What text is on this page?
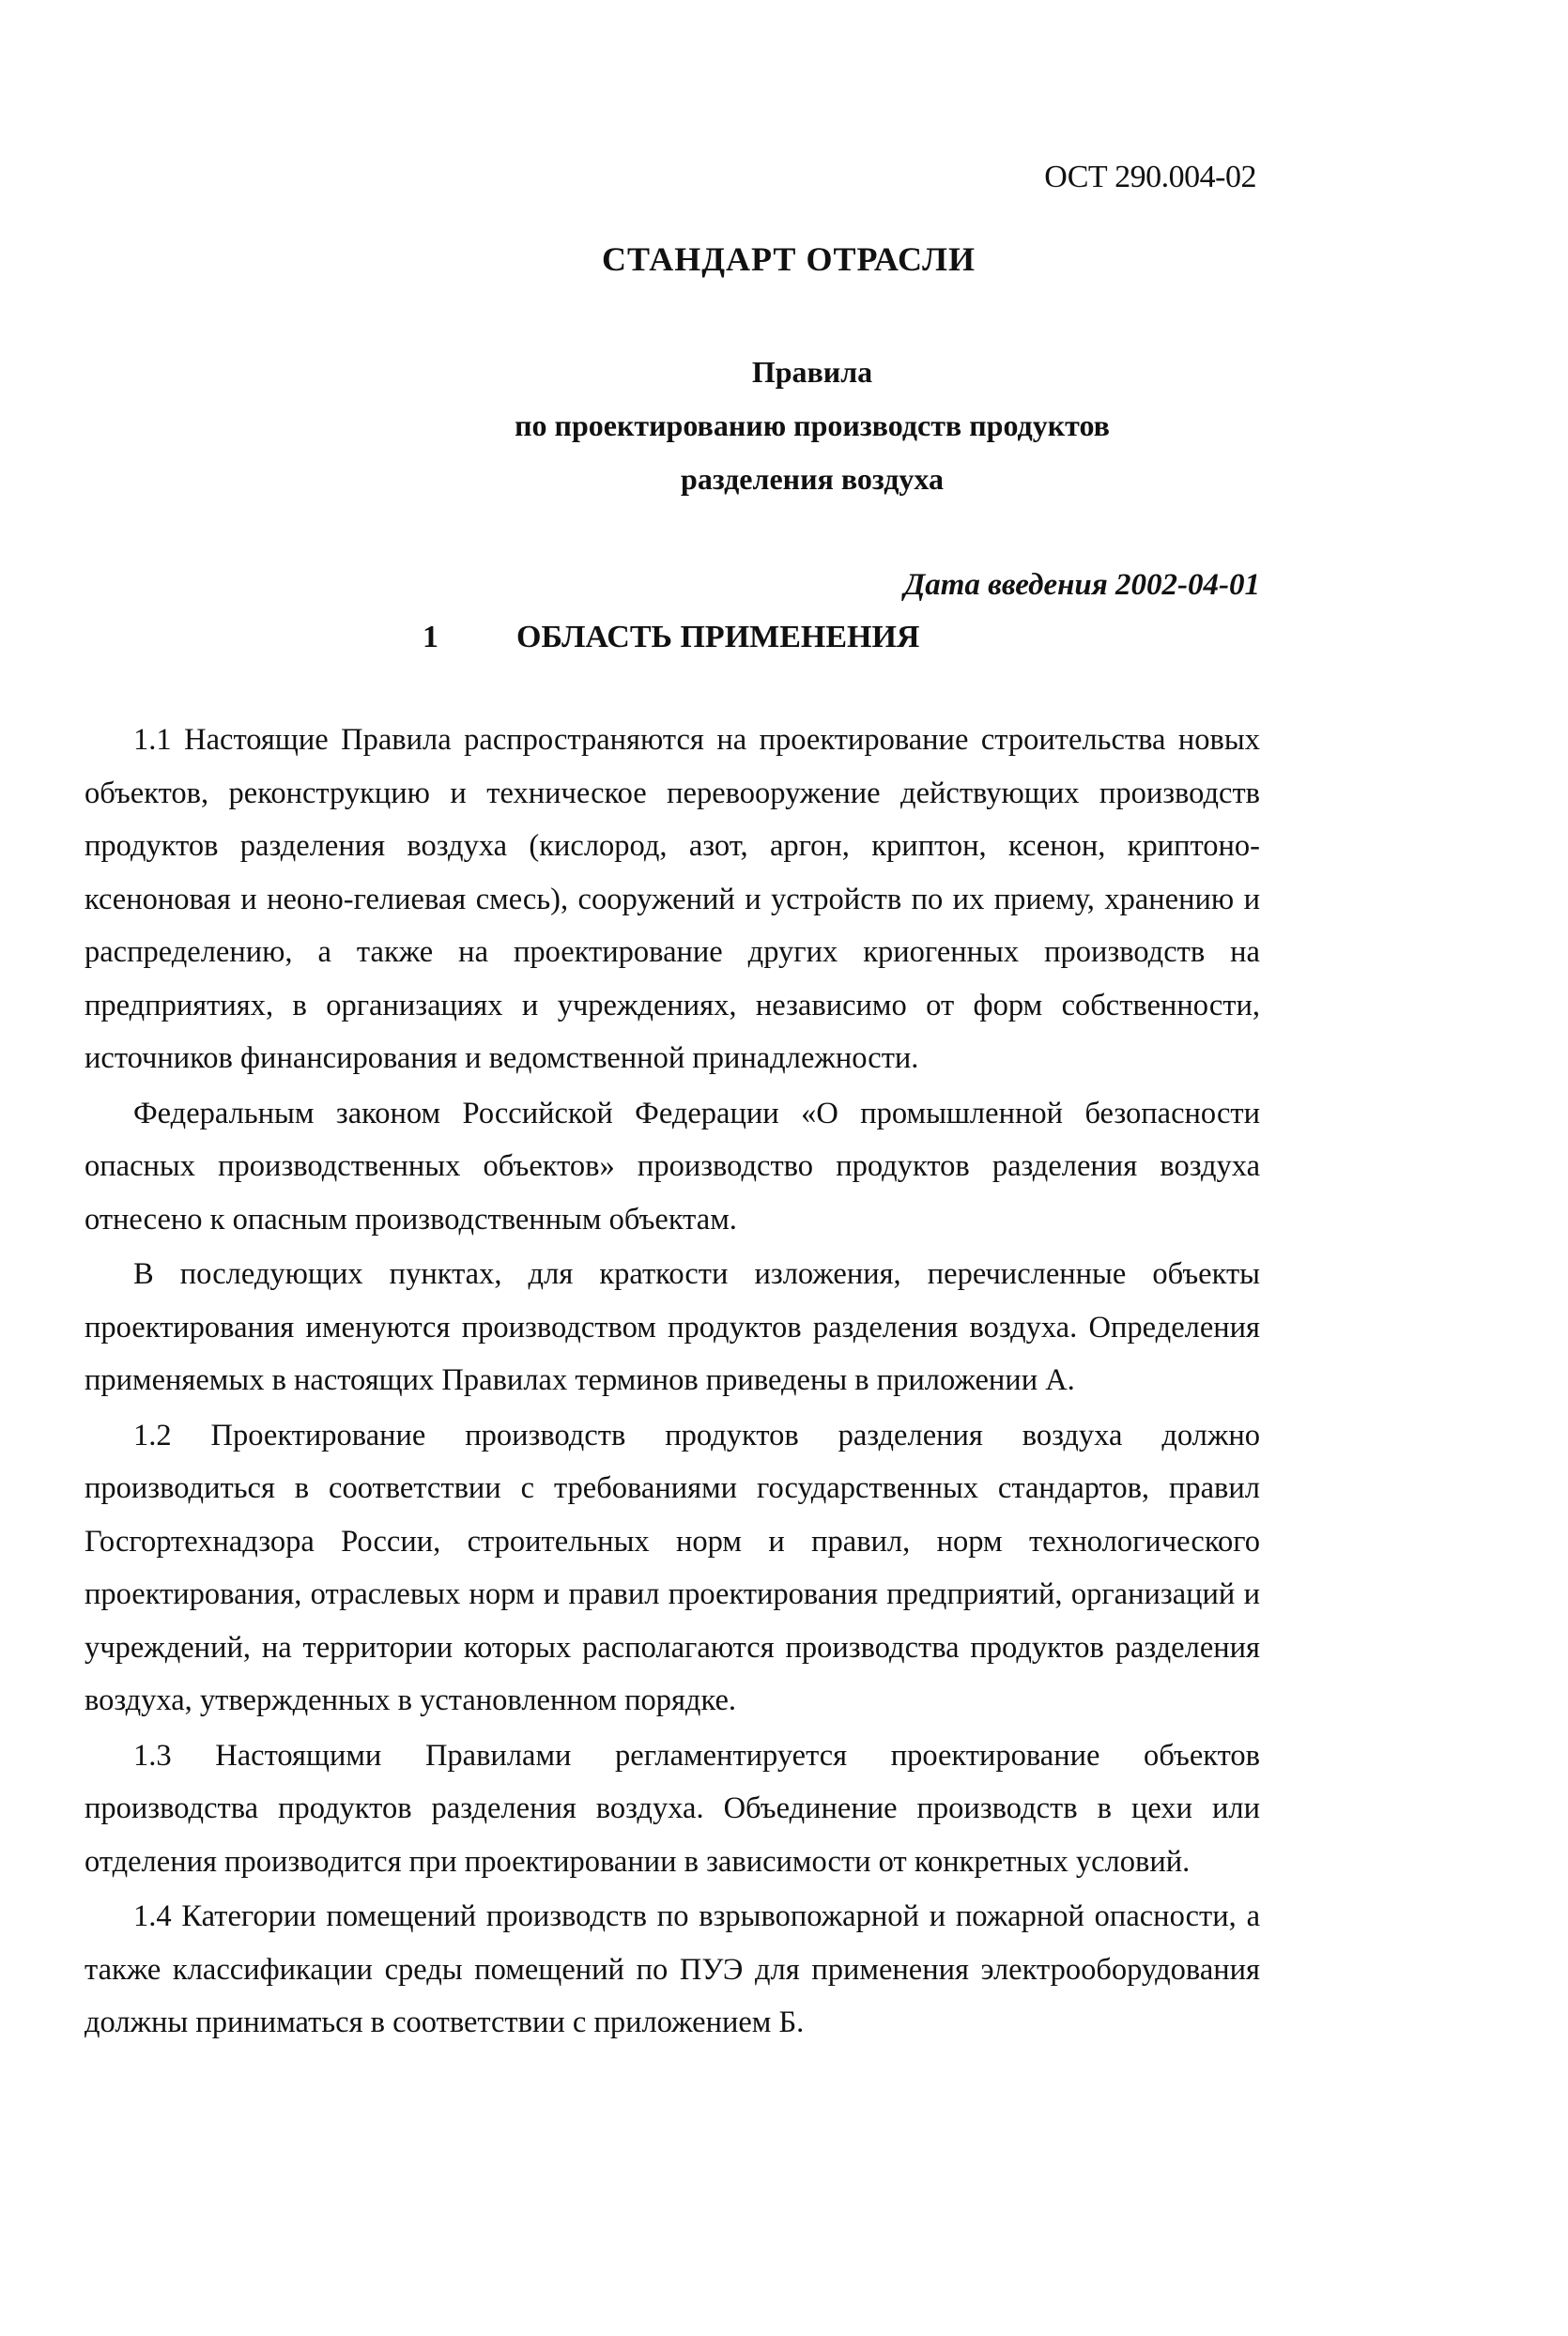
ОСТ 290.004-02
СТАНДАРТ ОТРАСЛИ
Правила
по проектированию производств продуктов
разделения воздуха
Дата введения 2002-04-01
1 ОБЛАСТЬ ПРИМЕНЕНИЯ

1.1 Настоящие Правила распространяются на проектирование строительства новых объектов, реконструкцию и техническое перевооружение действующих производств продуктов разделения воздуха (кислород, азот, аргон, криптон, ксенон, криптоно-ксеноновая и неоно-гелиевая смесь), сооружений и устройств по их приему, хранению и распределению, а также на проектирование других криогенных производств на предприятиях, в организациях и учреждениях, независимо от форм собственности, источников финансирования и ведомственной принадлежности.

Федеральным законом Российской Федерации «О промышленной безопасности опасных производственных объектов» производство продуктов разделения воздуха отнесено к опасным производственным объектам.

В последующих пунктах, для краткости изложения, перечисленные объекты проектирования именуются производством продуктов разделения воздуха. Определения применяемых в настоящих Правилах терминов приведены в приложении А.

1.2 Проектирование производств продуктов разделения воздуха должно производиться в соответствии с требованиями государственных стандартов, правил Госгортехнадзора России, строительных норм и правил, норм технологического проектирования, отраслевых норм и правил проектирования предприятий, организаций и учреждений, на территории которых располагаются производства продуктов разделения воздуха, утвержденных в установленном порядке.

1.3 Настоящими Правилами регламентируется проектирование объектов производства продуктов разделения воздуха. Объединение производств в цехи или отделения производится при проектировании в зависимости от конкретных условий.

1.4 Категории помещений производств по взрывопожарной и пожарной опасности, а также классификации среды помещений по ПУЭ для применения электрооборудования должны приниматься в соответствии с приложением Б.
